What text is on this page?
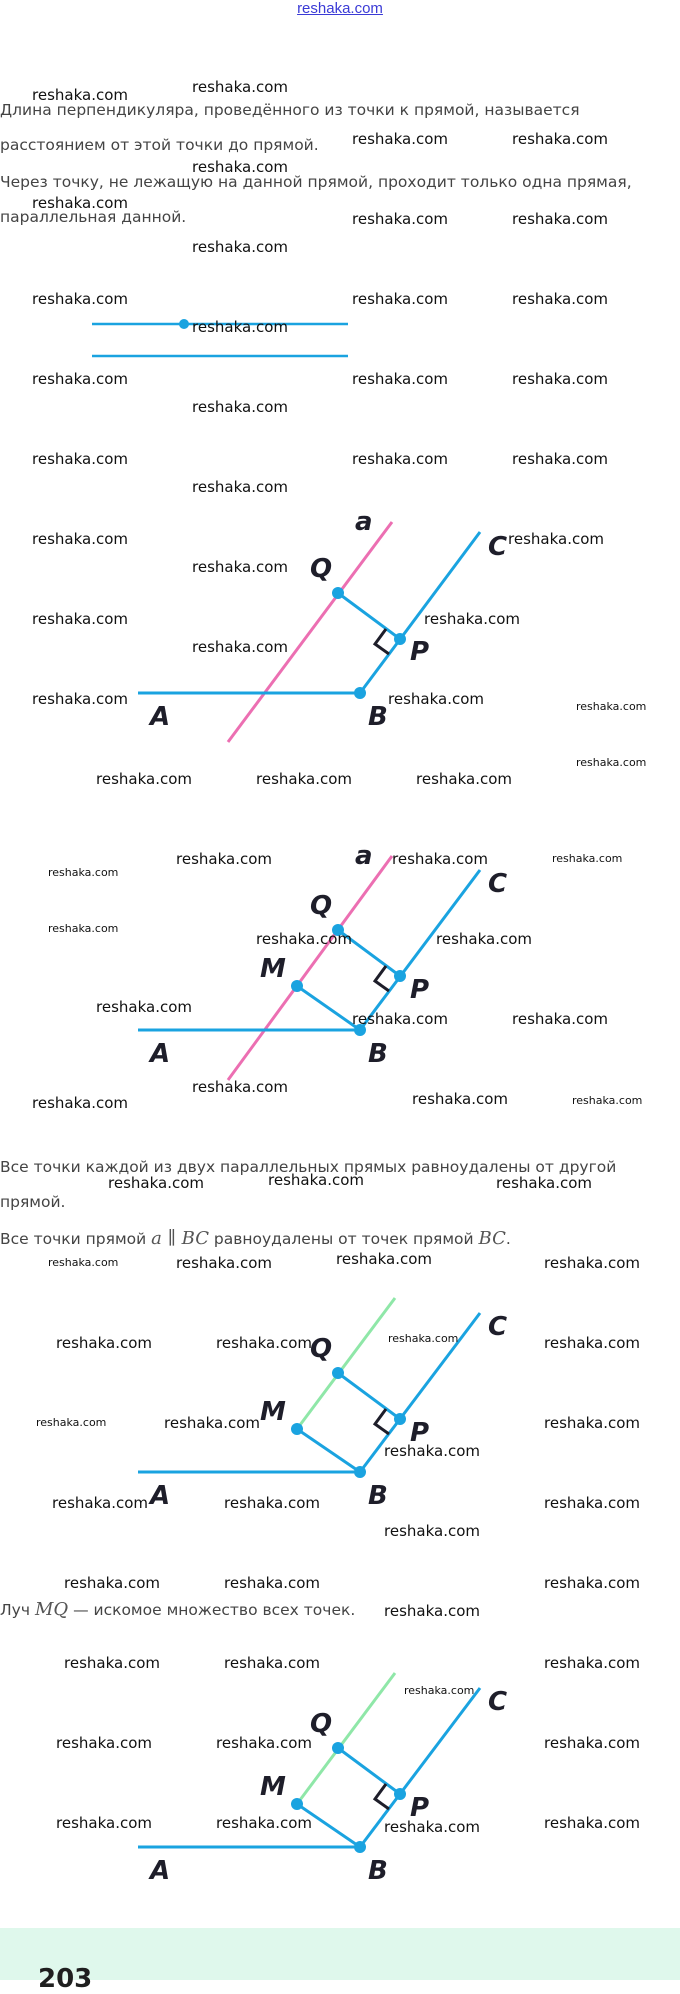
reshaka.com
Длина перпендикуляра, проведённого из точки к прямой, называется расстоянием от этой точки до прямой.
Через точку, не лежащую на данной прямой, проходит только одна прямая, параллельная данной.
a
C
Q
P
A	B
a
C
Q
M
P
A	B
Все точки каждой из двух параллельных прямых равноудалены от другой прямой.
Все точки прямой a ∥ BC равноудалены от точек прямой BC.
C
Q
M
P
A	B
Луч MQ — искомое множество всех точек.
C
Q
M
P
A	B
reshaka.com	reshaka.com
reshaka.com	reshaka.com
reshaka.com
reshaka.com
reshaka.com	reshaka.com
reshaka.com
reshaka.com	reshaka.com	reshaka.com
reshaka.com
reshaka.com	reshaka.com	reshaka.com
reshaka.com
reshaka.com	reshaka.com	reshaka.com
reshaka.com
reshaka.com	reshaka.com
reshaka.com
reshaka.com	reshaka.com
reshaka.com
reshaka.com	reshaka.com	reshaka.com
reshaka.com
reshaka.com	reshaka.com	reshaka.com
reshaka.com	reshaka.com	reshaka.com
reshaka.com
reshaka.com
reshaka.com	reshaka.com
reshaka.com
reshaka.com	reshaka.com
reshaka.com
reshaka.com	reshaka.com	reshaka.com
reshaka.com	reshaka.com	reshaka.com
reshaka.com	reshaka.com	reshaka.com	reshaka.com
reshaka.com	reshaka.com	reshaka.com	reshaka.com
reshaka.com	reshaka.com
reshaka.com
reshaka.com
reshaka.com	reshaka.com
reshaka.com
reshaka.com
reshaka.com	reshaka.com
reshaka.com
reshaka.com
reshaka.com	reshaka.com
reshaka.com
reshaka.com
reshaka.com	reshaka.com	reshaka.com
reshaka.com	reshaka.com	reshaka.com	reshaka.com
203
